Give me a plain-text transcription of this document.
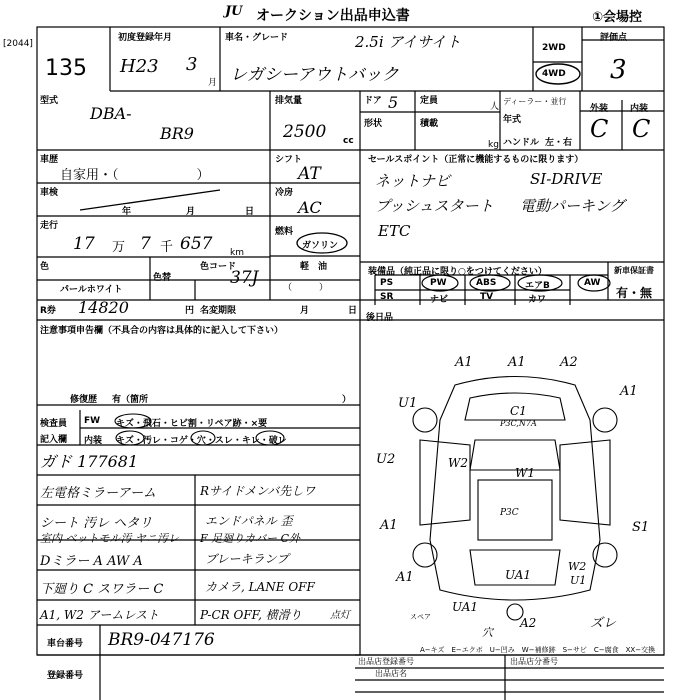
JU オークション出品申込書	①会場控
[2044]
135
初度登録年月
H23 3
月
車名・グレード	2.5i アイサイト
レガシーアウトバック
2WD
4WD
評価点
3
型式
DBA-
BR9
排気量
2500 cc
ドア 5 定員
人
形状	積載
kg
ディーラー・並行
年式
ハンドル 左・右
外装 内装
C C
車歴
自家用・（　　　　　　）
シフト
AT
車検
年	月	日
冷房
AC
走行
17 万 7 千 657 km
燃料
ガソリン
軽　油
（　　　）
色
パールホワイト
色替
色コード
37J
R券 14820	円 名変期限	月	日
セールスポイント（正常に機能するものに限ります）
ネットナビ	SI-DRIVE
プッシュスタート 電動パーキング
ETC
装備品（純正品に限り○をつけてください）
PS	PW	ABS	エアB	AW
SR	ナビ	TV	カワ
新車保証書
有・無
注意事項申告欄（不具合の内容は具体的に記入して下さい）
修復歴 有（箇所	）
後日品
検査員
記入欄
FW キズ・飛石・ヒビ割・リペア跡・×要
内装 キズ・汚レ・コゲ・穴・スレ・キレ・破レ
ガド 177681
左電格ミラーアーム	Rサイドメンバ先しワ
シート 汚レ ヘタリ	エンドパネル 歪
室内 ベットモル汚 ヤニ汚レ F 足廻りカバー C外
Dミラー A AW A	ブレーキランプ
下廻り C スワラー C	カメラ, LANE OFF
A1, W2 アームレスト	P-CR OFF, 横滑り	点灯
車台番号 BR9-047176
登録番号
A1	A1	A2
A1
U1	C1
P3C,N7A
U2	W2
W1
P3C
A1	S1
A1	UA1
W2
U1
UA1
A2	ズレ
穴
スペア
A−キズ　E−エクボ　U−凹み　W−補修跡　S−サビ　C−腐食　XX−交換
出品店登録番号
出品店名
出品店分番号
